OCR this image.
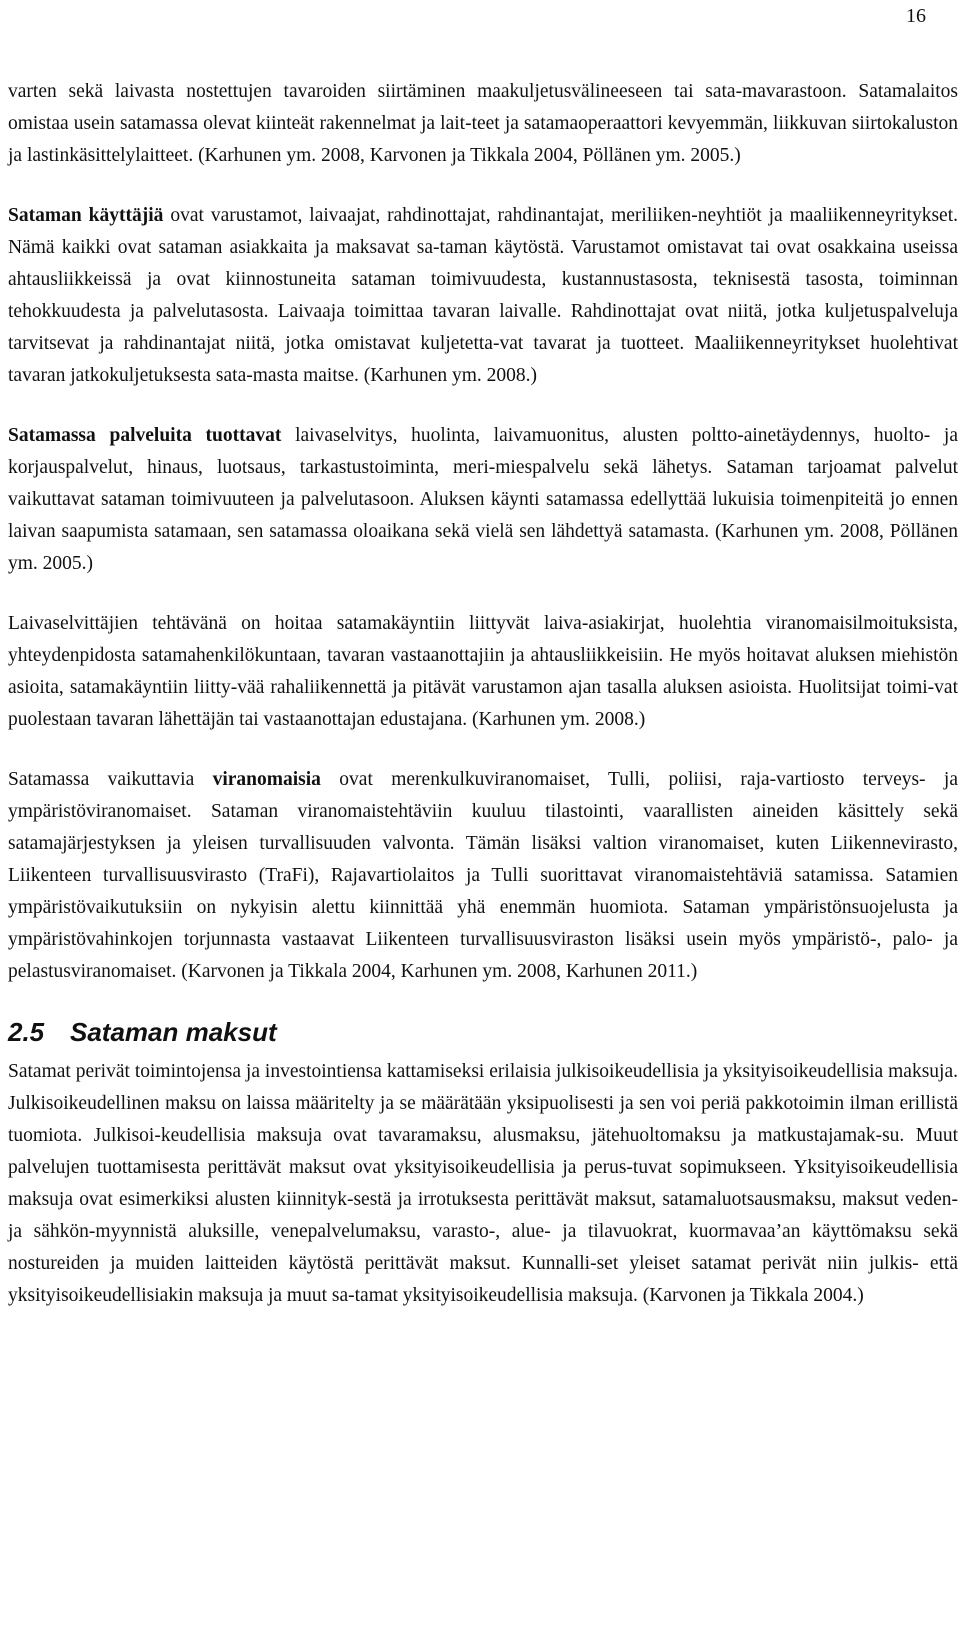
16

varten sekä laivasta nostettujen tavaroiden siirtäminen maakuljetusvälineeseen tai sata-mavarastoon. Satamalaitos omistaa usein satamassa olevat kiinteät rakennelmat ja lait-teet ja satamaoperaattori kevyemmän, liikkuvan siirtokaluston ja lastinkäsittelylaitteet. (Karhunen ym. 2008, Karvonen ja Tikkala 2004, Pöllänen ym. 2005.)

Sataman käyttäjiä ovat varustamot, laivaajat, rahdinottajat, rahdinantajat, meriliiken-neyhtiöt ja maaliikenneyritykset. Nämä kaikki ovat sataman asiakkaita ja maksavat sa-taman käytöstä. Varustamot omistavat tai ovat osakkaina useissa ahtausliikkeissä ja ovat kiinnostuneita sataman toimivuudesta, kustannustasosta, teknisestä tasosta, toiminnan tehokkuudesta ja palvelutasosta. Laivaaja toimittaa tavaran laivalle. Rahdinottajat ovat niitä, jotka kuljetuspalveluja tarvitsevat ja rahdinantajat niitä, jotka omistavat kuljetetta-vat tavarat ja tuotteet. Maaliikenneyritykset huolehtivat tavaran jatkokuljetuksesta sata-masta maitse. (Karhunen ym. 2008.)

Satamassa palveluita tuottavat laivaselvitys, huolinta, laivamuonitus, alusten poltto-ainetäydennys, huolto- ja korjauspalvelut, hinaus, luotsaus, tarkastustoiminta, meri-miespalvelu sekä lähetys. Sataman tarjoamat palvelut vaikuttavat sataman toimivuuteen ja palvelutasoon. Aluksen käynti satamassa edellyttää lukuisia toimenpiteitä jo ennen laivan saapumista satamaan, sen satamassa oloaikana sekä vielä sen lähdettyä satamasta. (Karhunen ym. 2008, Pöllänen ym. 2005.)

Laivaselvittäjien tehtävänä on hoitaa satamakäyntiin liittyvät laiva-asiakirjat, huolehtia viranomaisilmoituksista, yhteydenpidosta satamahenkilökuntaan, tavaran vastaanottajiin ja ahtausliikkeisiin. He myös hoitavat aluksen miehistön asioita, satamakäyntiin liitty-vää rahaliikennettä ja pitävät varustamon ajan tasalla aluksen asioista. Huolitsijat toimi-vat puolestaan tavaran lähettäjän tai vastaanottajan edustajana. (Karhunen ym. 2008.)

Satamassa vaikuttavia viranomaisia ovat merenkulkuviranomaiset, Tulli, poliisi, raja-vartiosto terveys- ja ympäristöviranomaiset. Sataman viranomaistehtäviin kuuluu tilastointi, vaarallisten aineiden käsittely sekä satamajärjestyksen ja yleisen turvallisuuden valvonta. Tämän lisäksi valtion viranomaiset, kuten Liikennevirasto, Liikenteen turvallisuusvirasto (TraFi), Rajavartiolaitos ja Tulli suorittavat viranomaistehtäviä satamissa. Satamien ympäristövaikutuksiin on nykyisin alettu kiinnittää yhä enemmän huomiota. Sataman ympäristönsuojelusta ja ympäristövahinkojen torjunnasta vastaavat Liikenteen turvallisuusviraston lisäksi usein myös ympäristö-, palo- ja pelastusviranomaiset. (Karvonen ja Tikkala 2004, Karhunen ym. 2008, Karhunen 2011.)

2.5 Sataman maksut

Satamat perivät toimintojensa ja investointiensa kattamiseksi erilaisia julkisoikeudellisia ja yksityisoikeudellisia maksuja. Julkisoikeudellinen maksu on laissa määritelty ja se määrätään yksipuolisesti ja sen voi periä pakkotoimin ilman erillistä tuomiota. Julkisoi-keudellisia maksuja ovat tavaramaksu, alusmaksu, jätehuoltomaksu ja matkustajamak-su. Muut palvelujen tuottamisesta perittävät maksut ovat yksityisoikeudellisia ja perus-tuvat sopimukseen. Yksityisoikeudellisia maksuja ovat esimerkiksi alusten kiinnityk-sestä ja irrotuksesta perittävät maksut, satamaluotsausmaksu, maksut veden- ja sähkön-myynnistä aluksille, venepalvelumaksu, varasto-, alue- ja tilavuokrat, kuormavaa’an käyttömaksu sekä nostureiden ja muiden laitteiden käytöstä perittävät maksut. Kunnalli-set yleiset satamat perivät niin julkis- että yksityisoikeudellisiakin maksuja ja muut sa-tamat yksityisoikeudellisia maksuja. (Karvonen ja Tikkala 2004.)
